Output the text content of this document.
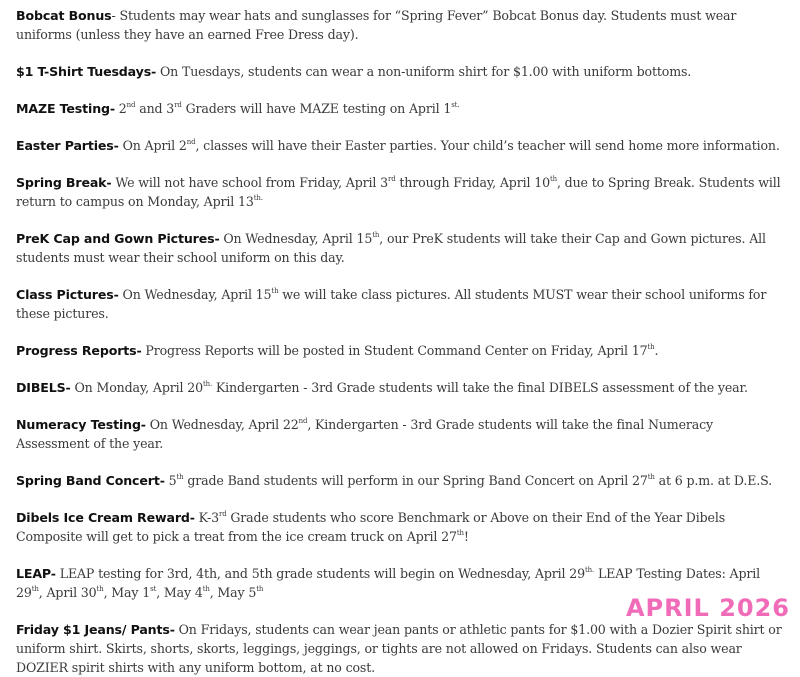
Bobcat Bonus- Students may wear hats and sunglasses for “Spring Fever” Bobcat Bonus day. Students must wear uniforms (unless they have an earned Free Dress day).

$1 T-Shirt Tuesdays- On Tuesdays, students can wear a non-uniform shirt for $1.00 with uniform bottoms.

MAZE Testing- 2nd and 3rd Graders will have MAZE testing on April $1^{st.}$

Easter Parties- On April 2nd, classes will have their Easter parties. Your child’s teacher will send home more information.

Spring Break- We will not have school from Friday, April 3rd through Friday, April 10th, due to Spring Break. Students will return to campus on Monday, April $13^{th.}$

PreK Cap and Gown Pictures- On Wednesday, April 15th, our PreK students will take their Cap and Gown pictures. All students must wear their school uniform on this day.

Class Pictures- On Wednesday, April 15th we will take class pictures. All students MUST wear their school uniforms for these pictures.

Progress Reports- Progress Reports will be posted in Student Command Center on Friday, April 17th.

DIBELS- On Monday, April $20^{th.}$ Kindergarten - 3rd Grade students will take the final DIBELS assessment of the year.

Numeracy Testing- On Wednesday, April 22nd, Kindergarten - 3rd Grade students will take the final Numeracy Assessment of the year.

Spring Band Concert- 5th grade Band students will perform in our Spring Band Concert on April 27th at 6 p.m. at D.E.S.

Dibels Ice Cream Reward- K-3rd Grade students who score Benchmark or Above on their End of the Year Dibels Composite will get to pick a treat from the ice cream truck on April 27th!

LEAP- LEAP testing for 3rd, 4th, and 5th grade students will begin on Wednesday, April $29^{th.}$ LEAP Testing Dates: April 29th, April 30th, May 1st, May 4th, May 5th

Friday $1 Jeans/ Pants- On Fridays, students can wear jean pants or athletic pants for $1.00 with a Dozier Spirit shirt or uniform shirt. Skirts, shorts, skorts, leggings, jeggings, or tights are not allowed on Fridays. Students can also wear DOZIER spirit shirts with any uniform bottom, at no cost.

APRIL 2026
